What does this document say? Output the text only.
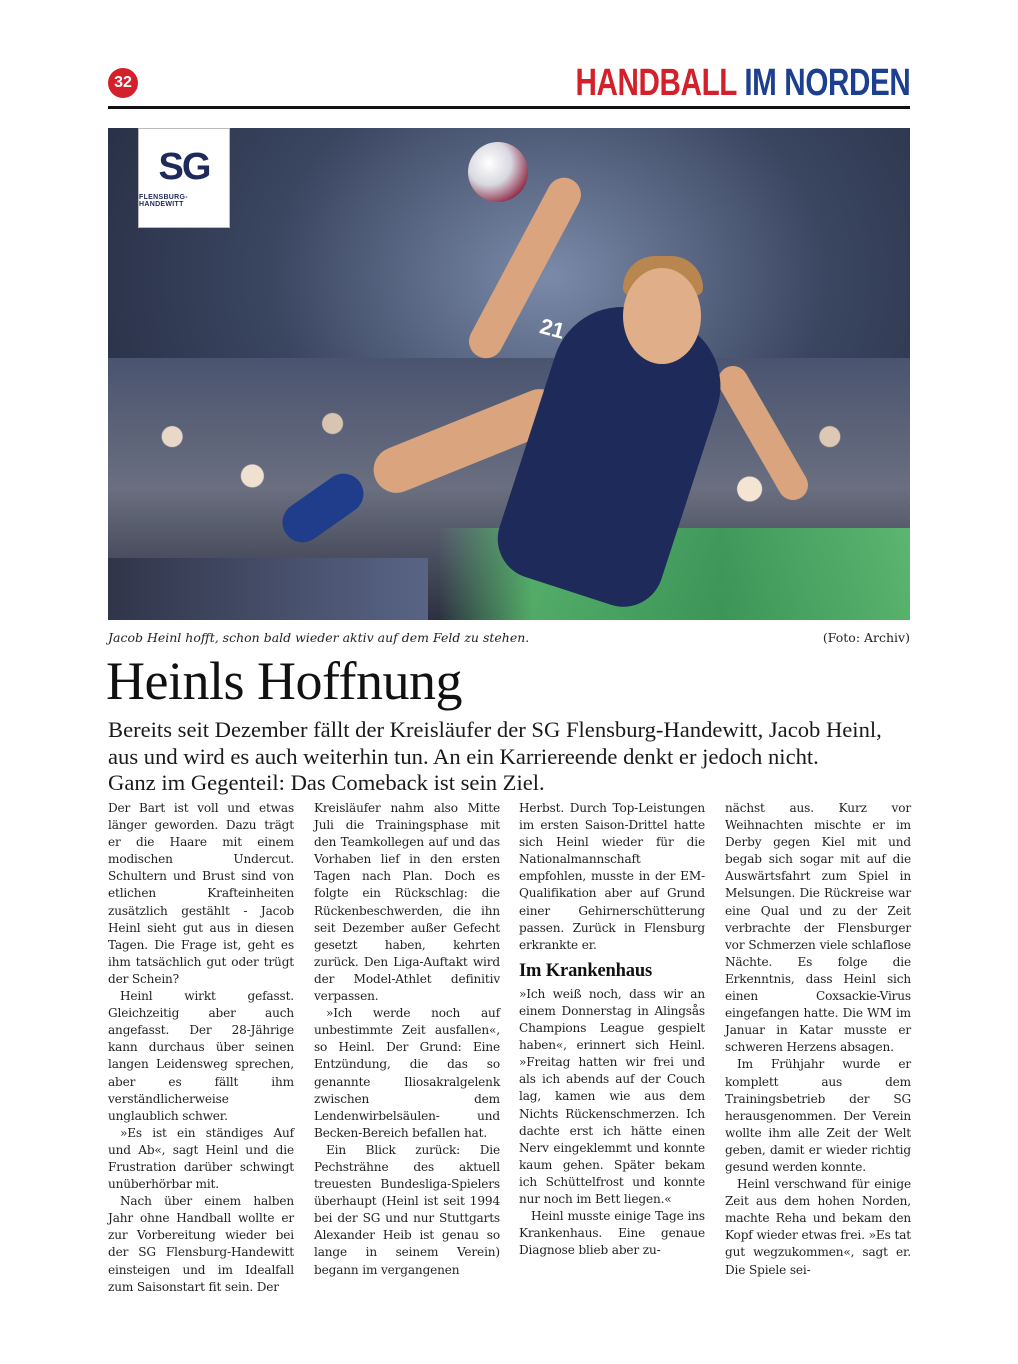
32	HANDBALL IM NORDEN
21
SG
FLENSBURG-HANDEWITT
Jacob Heinl hofft, schon bald wieder aktiv auf dem Feld zu stehen.	(Foto: Archiv)
Heinls Hoffnung

Bereits seit Dezember fällt der Kreisläufer der SG Flensburg-Handewitt, Jacob Heinl,

aus und wird es auch weiterhin tun. An ein Karriereende denkt er jedoch nicht.

Ganz im Gegenteil: Das Comeback ist sein Ziel.

Der Bart ist voll und etwas länger geworden. Dazu trägt er die Haare mit einem modischen Undercut. Schultern und Brust sind von etlichen Krafteinheiten zusätzlich gestählt - Jacob Heinl sieht gut aus in diesen Tagen. Die Frage ist, geht es ihm tatsächlich gut oder trügt der Schein?

Heinl wirkt gefasst. Gleichzeitig aber auch angefasst. Der 28-Jährige kann durchaus über seinen langen Leidensweg sprechen, aber es fällt ihm verständlicherweise unglaublich schwer.

»Es ist ein ständiges Auf und Ab«, sagt Heinl und die Frustration darüber schwingt unüberhörbar mit.

Nach über einem halben Jahr ohne Handball wollte er zur Vorbereitung wieder bei der SG Flensburg-Handewitt einsteigen und im Idealfall zum Saisonstart fit sein. Der

Kreisläufer nahm also Mitte Juli die Trainingsphase mit den Teamkollegen auf und das Vorhaben lief in den ersten Tagen nach Plan. Doch es folgte ein Rückschlag: die Rückenbeschwerden, die ihn seit Dezember außer Gefecht gesetzt haben, kehrten zurück. Den Liga-Auftakt wird der Model-Athlet definitiv verpassen.

»Ich werde noch auf unbestimmte Zeit ausfallen«, so Heinl. Der Grund: Eine Entzündung, die das so genannte Iliosakralgelenk zwischen dem Lendenwirbelsäulen- und Becken-Bereich befallen hat.

Ein Blick zurück: Die Pechsträhne des aktuell treuesten Bundesliga-Spielers überhaupt (Heinl ist seit 1994 bei der SG und nur Stuttgarts Alexander Heib ist genau so lange in seinem Verein) begann im vergangenen

Herbst. Durch Top-Leistungen im ersten Saison-Drittel hatte sich Heinl wieder für die Nationalmannschaft empfohlen, musste in der EM-Qualifikation aber auf Grund einer Gehirnerschütterung passen. Zurück in Flensburg erkrankte er.

Im Krankenhaus

»Ich weiß noch, dass wir an einem Donnerstag in Alingsås Champions League gespielt haben«, erinnert sich Heinl. »Freitag hatten wir frei und als ich abends auf der Couch lag, kamen wie aus dem Nichts Rückenschmerzen. Ich dachte erst ich hätte einen Nerv eingeklemmt und konnte kaum gehen. Später bekam ich Schüttelfrost und konnte nur noch im Bett liegen.«

Heinl musste einige Tage ins Krankenhaus. Eine genaue Diagnose blieb aber zu-

nächst aus. Kurz vor Weihnachten mischte er im Derby gegen Kiel mit und begab sich sogar mit auf die Auswärtsfahrt zum Spiel in Melsungen. Die Rückreise war eine Qual und zu der Zeit verbrachte der Flensburger vor Schmerzen viele schlaflose Nächte. Es folge die Erkenntnis, dass Heinl sich einen Coxsackie-Virus eingefangen hatte. Die WM im Januar in Katar musste er schweren Herzens absagen.

Im Frühjahr wurde er komplett aus dem Trainingsbetrieb der SG herausgenommen. Der Verein wollte ihm alle Zeit der Welt geben, damit er wieder richtig gesund werden konnte.

Heinl verschwand für einige Zeit aus dem hohen Norden, machte Reha und bekam den Kopf wieder etwas frei. »Es tat gut wegzukommen«, sagt er. Die Spiele sei-
